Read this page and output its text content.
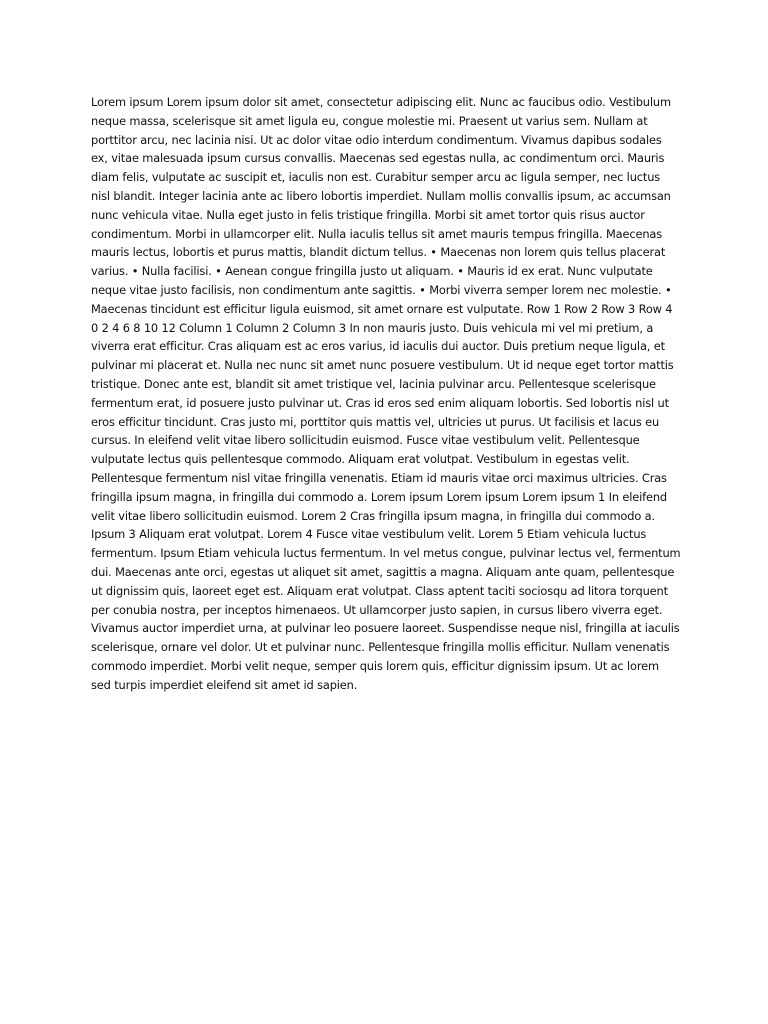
Lorem ipsum Lorem ipsum dolor sit amet, consectetur adipiscing elit. Nunc ac faucibus odio. Vestibulum neque massa, scelerisque sit amet ligula eu, congue molestie mi. Praesent ut varius sem. Nullam at porttitor arcu, nec lacinia nisi. Ut ac dolor vitae odio interdum condimentum. Vivamus dapibus sodales ex, vitae malesuada ipsum cursus convallis. Maecenas sed egestas nulla, ac condimentum orci. Mauris diam felis, vulputate ac suscipit et, iaculis non est. Curabitur semper arcu ac ligula semper, nec luctus nisl blandit. Integer lacinia ante ac libero lobortis imperdiet. Nullam mollis convallis ipsum, ac accumsan nunc vehicula vitae. Nulla eget justo in felis tristique fringilla. Morbi sit amet tortor quis risus auctor condimentum. Morbi in ullamcorper elit. Nulla iaculis tellus sit amet mauris tempus fringilla. Maecenas mauris lectus, lobortis et purus mattis, blandit dictum tellus. • Maecenas non lorem quis tellus placerat varius. • Nulla facilisi. • Aenean congue fringilla justo ut aliquam. • Mauris id ex erat. Nunc vulputate neque vitae justo facilisis, non condimentum ante sagittis. • Morbi viverra semper lorem nec molestie. • Maecenas tincidunt est efficitur ligula euismod, sit amet ornare est vulputate. Row 1 Row 2 Row 3 Row 4 0 2 4 6 8 10 12 Column 1 Column 2 Column 3 In non mauris justo. Duis vehicula mi vel mi pretium, a viverra erat efficitur. Cras aliquam est ac eros varius, id iaculis dui auctor. Duis pretium neque ligula, et pulvinar mi placerat et. Nulla nec nunc sit amet nunc posuere vestibulum. Ut id neque eget tortor mattis tristique. Donec ante est, blandit sit amet tristique vel, lacinia pulvinar arcu. Pellentesque scelerisque fermentum erat, id posuere justo pulvinar ut. Cras id eros sed enim aliquam lobortis. Sed lobortis nisl ut eros efficitur tincidunt. Cras justo mi, porttitor quis mattis vel, ultricies ut purus. Ut facilisis et lacus eu cursus. In eleifend velit vitae libero sollicitudin euismod. Fusce vitae vestibulum velit. Pellentesque vulputate lectus quis pellentesque commodo. Aliquam erat volutpat. Vestibulum in egestas velit. Pellentesque fermentum nisl vitae fringilla venenatis. Etiam id mauris vitae orci maximus ultricies. Cras fringilla ipsum magna, in fringilla dui commodo a. Lorem ipsum Lorem ipsum Lorem ipsum 1 In eleifend velit vitae libero sollicitudin euismod. Lorem 2 Cras fringilla ipsum magna, in fringilla dui commodo a. Ipsum 3 Aliquam erat volutpat. Lorem 4 Fusce vitae vestibulum velit. Lorem 5 Etiam vehicula luctus fermentum. Ipsum Etiam vehicula luctus fermentum. In vel metus congue, pulvinar lectus vel, fermentum dui. Maecenas ante orci, egestas ut aliquet sit amet, sagittis a magna. Aliquam ante quam, pellentesque ut dignissim quis, laoreet eget est. Aliquam erat volutpat. Class aptent taciti sociosqu ad litora torquent per conubia nostra, per inceptos himenaeos. Ut ullamcorper justo sapien, in cursus libero viverra eget. Vivamus auctor imperdiet urna, at pulvinar leo posuere laoreet. Suspendisse neque nisl, fringilla at iaculis scelerisque, ornare vel dolor. Ut et pulvinar nunc. Pellentesque fringilla mollis efficitur. Nullam venenatis commodo imperdiet. Morbi velit neque, semper quis lorem quis, efficitur dignissim ipsum. Ut ac lorem sed turpis imperdiet eleifend sit amet id sapien.
